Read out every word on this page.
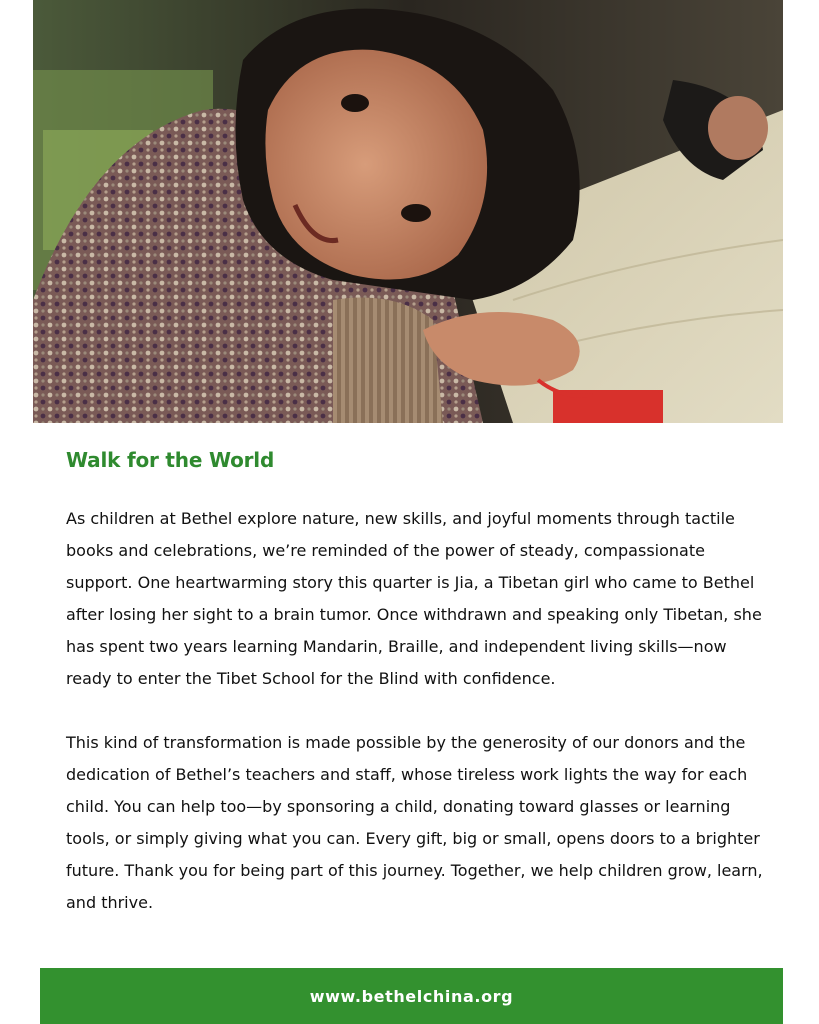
Walk for the World

As children at Bethel explore nature, new skills, and joyful moments through tactile books and celebrations, we’re reminded of the power of steady, compassionate support. One heartwarming story this quarter is Jia, a Tibetan girl who came to Bethel after losing her sight to a brain tumor. Once withdrawn and speaking only Tibetan, she has spent two years learning Mandarin, Braille, and independent living skills—now ready to enter the Tibet School for the Blind with confidence.

This kind of transformation is made possible by the generosity of our donors and the dedication of Bethel’s teachers and staff, whose tireless work lights the way for each child. You can help too—by sponsoring a child, donating toward glasses or learning tools, or simply giving what you can. Every gift, big or small, opens doors to a brighter future. Thank you for being part of this journey. Together, we help children grow, learn, and thrive.

www.bethelchina.org
